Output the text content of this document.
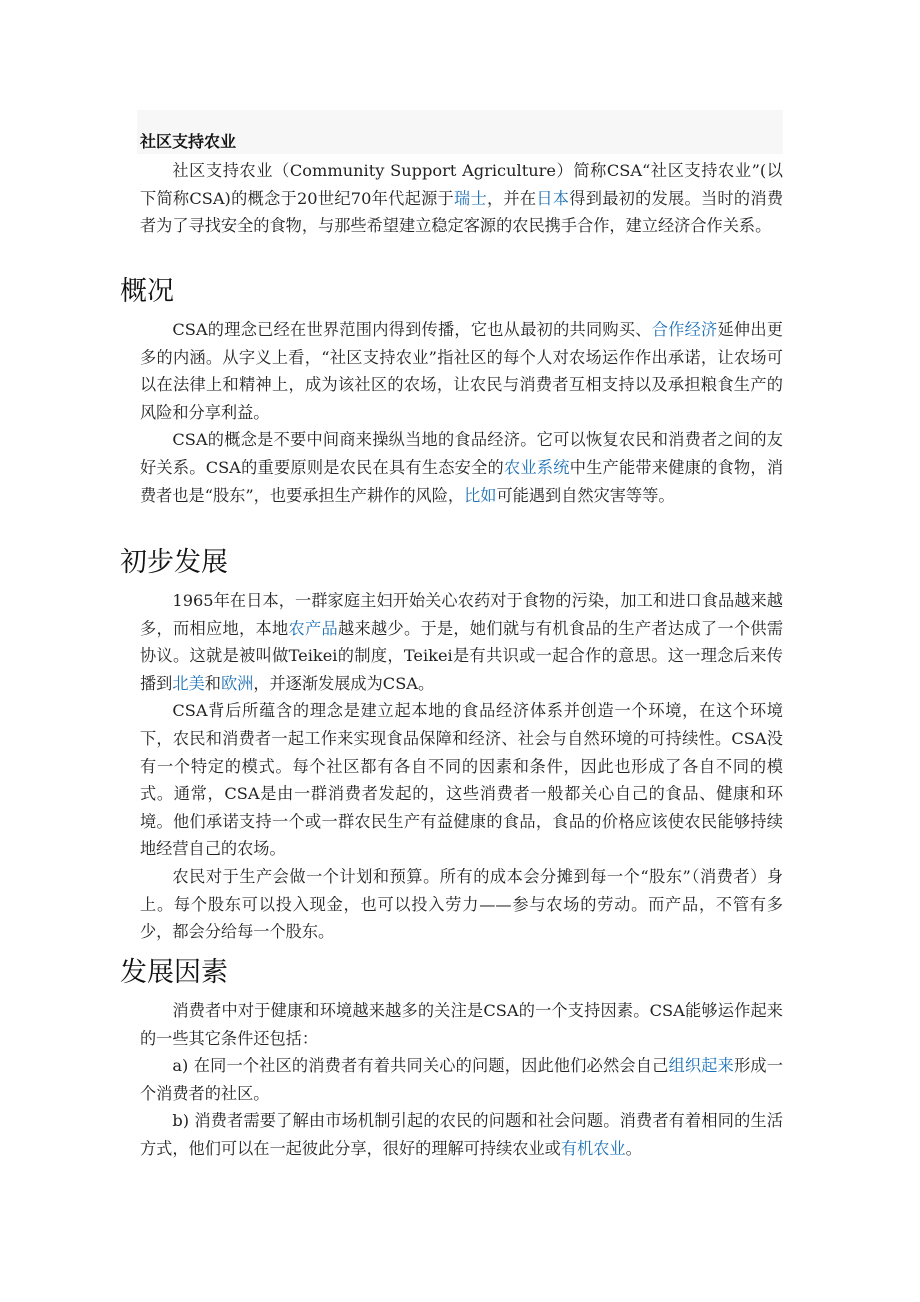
社区支持农业

社区支持农业（Community Support Agriculture）简称CSA“社区支持农业”(以下简称CSA)的概念于20世纪70年代起源于瑞士，并在日本得到最初的发展。当时的消费者为了寻找安全的食物，与那些希望建立稳定客源的农民携手合作，建立经济合作关系。

概况

CSA的理念已经在世界范围内得到传播，它也从最初的共同购买、合作经济延伸出更多的内涵。从字义上看，“社区支持农业”指社区的每个人对农场运作作出承诺，让农场可以在法律上和精神上，成为该社区的农场，让农民与消费者互相支持以及承担粮食生产的风险和分享利益。

CSA的概念是不要中间商来操纵当地的食品经济。它可以恢复农民和消费者之间的友好关系。CSA的重要原则是农民在具有生态安全的农业系统中生产能带来健康的食物，消费者也是“股东”，也要承担生产耕作的风险，比如可能遇到自然灾害等等。

初步发展

1965年在日本，一群家庭主妇开始关心农药对于食物的污染，加工和进口食品越来越多，而相应地，本地农产品越来越少。于是，她们就与有机食品的生产者达成了一个供需协议。这就是被叫做Teikei的制度，Teikei是有共识或一起合作的意思。这一理念后来传播到北美和欧洲，并逐渐发展成为CSA。

CSA背后所蕴含的理念是建立起本地的食品经济体系并创造一个环境，在这个环境下，农民和消费者一起工作来实现食品保障和经济、社会与自然环境的可持续性。CSA没有一个特定的模式。每个社区都有各自不同的因素和条件，因此也形成了各自不同的模式。通常，CSA是由一群消费者发起的，这些消费者一般都关心自己的食品、健康和环境。他们承诺支持一个或一群农民生产有益健康的食品，食品的价格应该使农民能够持续地经营自己的农场。

农民对于生产会做一个计划和预算。所有的成本会分摊到每一个“股东”（消费者）身上。每个股东可以投入现金，也可以投入劳力——参与农场的劳动。而产品，不管有多少，都会分给每一个股东。

发展因素

消费者中对于健康和环境越来越多的关注是CSA的一个支持因素。CSA能够运作起来的一些其它条件还包括：

a) 在同一个社区的消费者有着共同关心的问题，因此他们必然会自己组织起来形成一个消费者的社区。

b) 消费者需要了解由市场机制引起的农民的问题和社会问题。消费者有着相同的生活方式，他们可以在一起彼此分享，很好的理解可持续农业或有机农业。
